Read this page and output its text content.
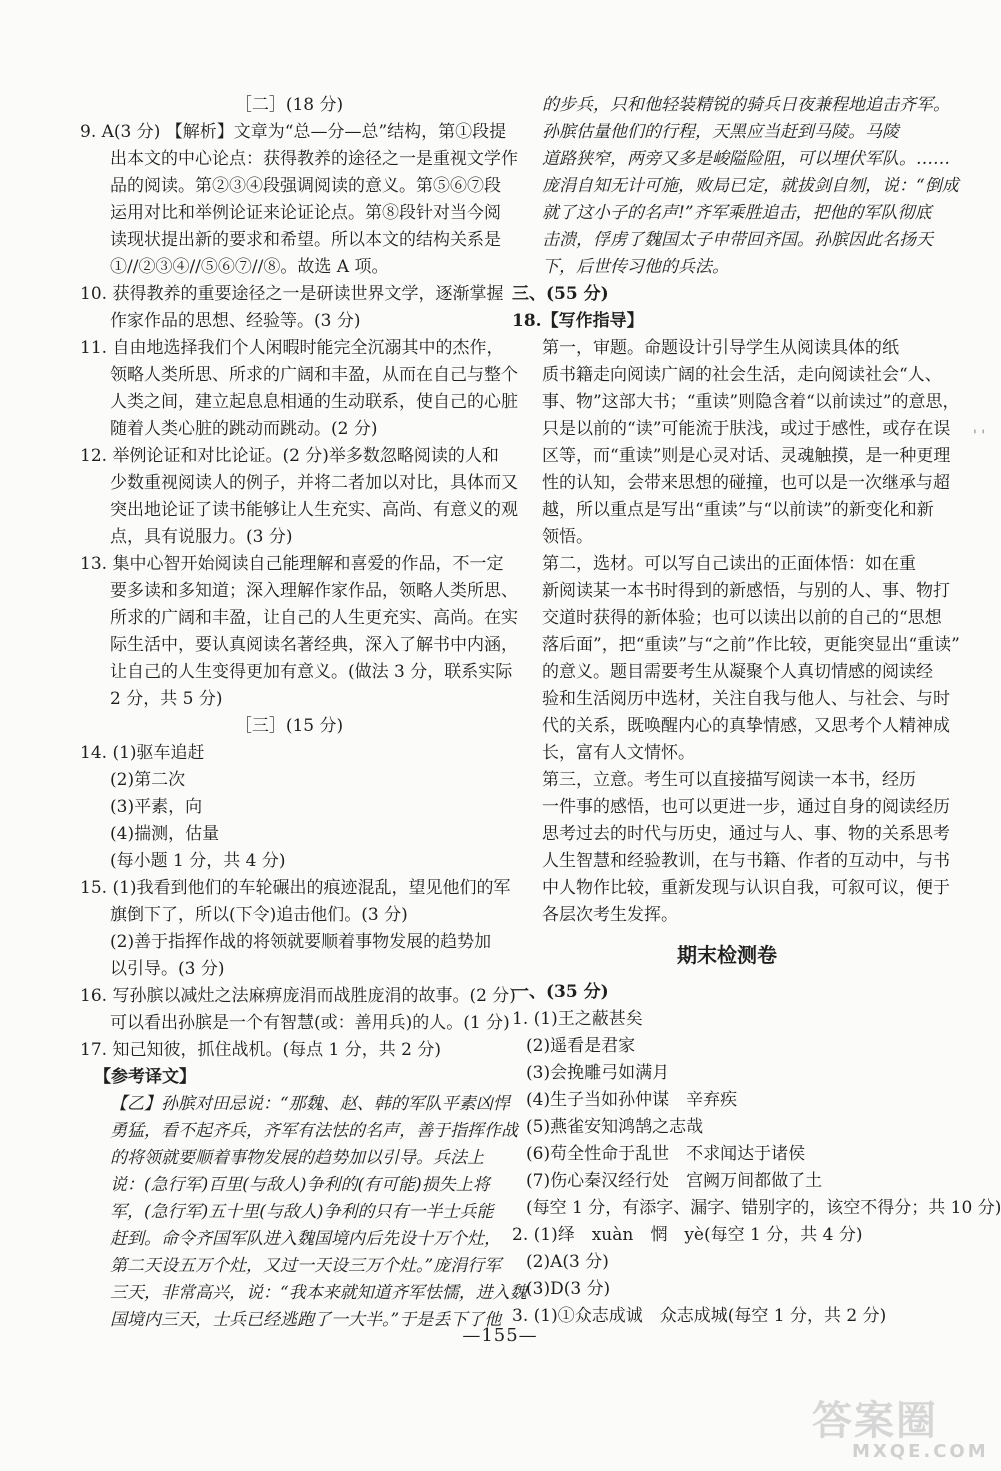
［二］(18 分)
9. A(3 分) 【解析】文章为“总—分—总”结构，第①段提
出本文的中心论点：获得教养的途径之一是重视文学作
品的阅读。第②③④段强调阅读的意义。第⑤⑥⑦段
运用对比和举例论证来论证论点。第⑧段针对当今阅
读现状提出新的要求和希望。所以本文的结构关系是
①//②③④//⑤⑥⑦//⑧。故选 A 项。
10. 获得教养的重要途径之一是研读世界文学，逐渐掌握
作家作品的思想、经验等。(3 分)
11. 自由地选择我们个人闲暇时能完全沉溺其中的杰作，
领略人类所思、所求的广阔和丰盈，从而在自己与整个
人类之间，建立起息息相通的生动联系，使自己的心脏
随着人类心脏的跳动而跳动。(2 分)
12. 举例论证和对比论证。(2 分)举多数忽略阅读的人和
少数重视阅读人的例子，并将二者加以对比，具体而又
突出地论证了读书能够让人生充实、高尚、有意义的观
点，具有说服力。(3 分)
13. 集中心智开始阅读自己能理解和喜爱的作品，不一定
要多读和多知道；深入理解作家作品，领略人类所思、
所求的广阔和丰盈，让自己的人生更充实、高尚。在实
际生活中，要认真阅读名著经典，深入了解书中内涵，
让自己的人生变得更加有意义。(做法 3 分，联系实际
2 分，共 5 分)
［三］(15 分)
14. (1)驱车追赶
(2)第二次
(3)平素，向
(4)揣测，估量
(每小题 1 分，共 4 分)
15. (1)我看到他们的车轮碾出的痕迹混乱，望见他们的军
旗倒下了，所以(下令)追击他们。(3 分)
(2)善于指挥作战的将领就要顺着事物发展的趋势加
以引导。(3 分)
16. 写孙膑以减灶之法麻痹庞涓而战胜庞涓的故事。(2 分)
可以看出孙膑是一个有智慧(或：善用兵)的人。(1 分)
17. 知己知彼，抓住战机。(每点 1 分，共 2 分)
【参考译文】
【乙】孙膑对田忌说：“那魏、赵、韩的军队平素凶悍
勇猛，看不起齐兵，齐军有法怯的名声，善于指挥作战
的将领就要顺着事物发展的趋势加以引导。兵法上
说：(急行军)百里(与敌人)争利的(有可能)损失上将
军，(急行军)五十里(与敌人)争利的只有一半士兵能
赶到。命令齐国军队进入魏国境内后先设十万个灶，
第二天设五万个灶，又过一天设三万个灶。”庞涓行军
三天，非常高兴，说：“我本来就知道齐军怯懦，进入魏
国境内三天，士兵已经逃跑了一大半。”于是丢下了他
的步兵，只和他轻装精锐的骑兵日夜兼程地追击齐军。
孙膑估量他们的行程，天黑应当赶到马陵。马陵
道路狭窄，两旁又多是峻隘险阻，可以埋伏军队。……
庞涓自知无计可施，败局已定，就拔剑自刎，说：“倒成
就了这小子的名声!”齐军乘胜追击，把他的军队彻底
击溃，俘虏了魏国太子申带回齐国。孙膑因此名扬天
下，后世传习他的兵法。
三、(55 分)
18.【写作指导】
第一，审题。命题设计引导学生从阅读具体的纸
质书籍走向阅读广阔的社会生活，走向阅读社会“人、
事、物”这部大书；“重读”则隐含着“以前读过”的意思，
只是以前的“读”可能流于肤浅，或过于感性，或存在误
区等，而“重读”则是心灵对话、灵魂触摸，是一种更理
性的认知，会带来思想的碰撞，也可以是一次继承与超
越，所以重点是写出“重读”与“以前读”的新变化和新
领悟。
第二，选材。可以写自己读出的正面体悟：如在重
新阅读某一本书时得到的新感悟，与别的人、事、物打
交道时获得的新体验；也可以读出以前的自己的“思想
落后面”，把“重读”与“之前”作比较，更能突显出“重读”
的意义。题目需要考生从凝聚个人真切情感的阅读经
验和生活阅历中选材，关注自我与他人、与社会、与时
代的关系，既唤醒内心的真挚情感，又思考个人精神成
长，富有人文情怀。
第三，立意。考生可以直接描写阅读一本书，经历
一件事的感悟，也可以更进一步，通过自身的阅读经历
思考过去的时代与历史，通过与人、事、物的关系思考
人生智慧和经验教训，在与书籍、作者的互动中，与书
中人物作比较，重新发现与认识自我，可叙可议，便于
各层次考生发挥。
期末检测卷
一、(35 分)
1. (1)王之蔽甚矣
(2)遥看是君家
(3)会挽雕弓如满月
(4)生子当如孙仲谋　辛弃疾
(5)燕雀安知鸿鹄之志哉
(6)苟全性命于乱世　不求闻达于诸侯
(7)伤心秦汉经行处　宫阙万间都做了土
(每空 1 分，有添字、漏字、错别字的，该空不得分；共 10 分)
2. (1)绎　xuàn　惘　yè(每空 1 分，共 4 分)
(2)A(3 分)
(3)D(3 分)
3. (1)①众志成诚　众志成城(每空 1 分，共 2 分)
' '
—155—
答案圈
MXQE.COM
